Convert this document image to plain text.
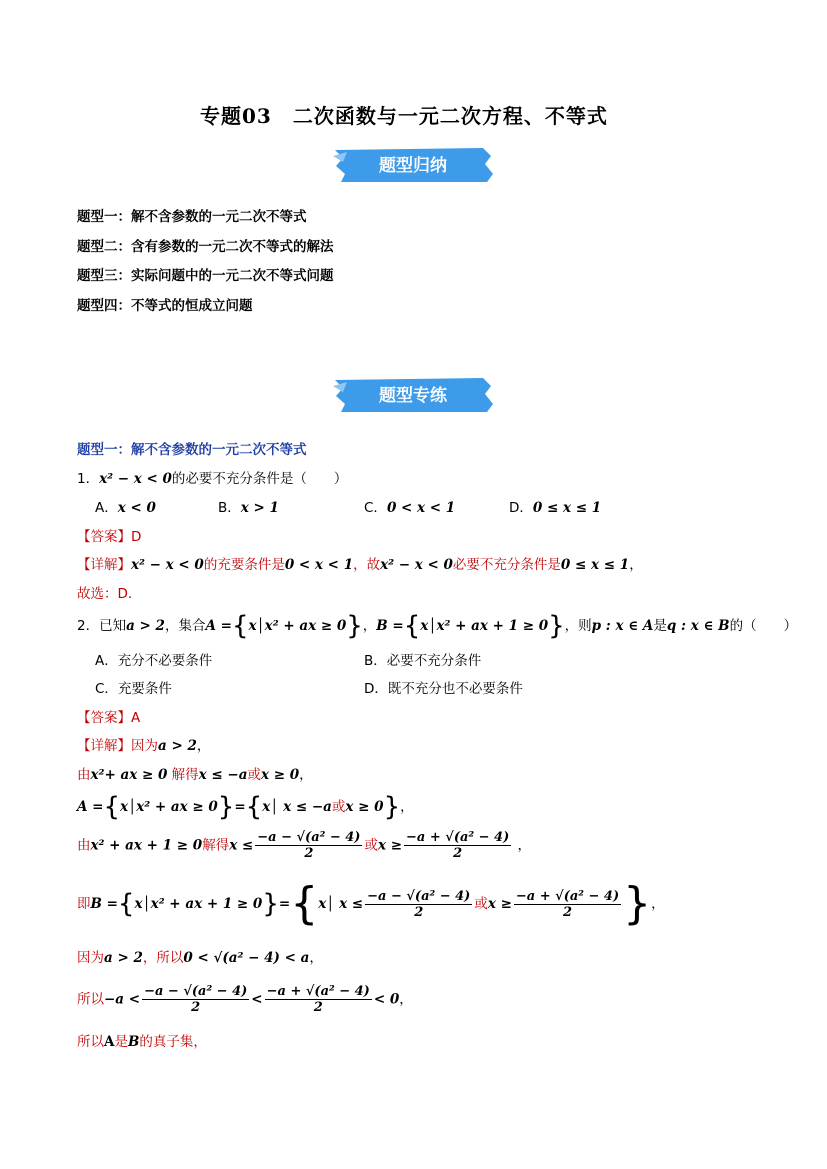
专题03　二次函数与一元二次方程、不等式
题型归纳
题型一：解不含参数的一元二次不等式
题型二：含有参数的一元二次不等式的解法
题型三：实际问题中的一元二次不等式问题
题型四：不等式的恒成立问题
题型专练
题型一：解不含参数的一元二次不等式
1．x² − x < 0的必要不充分条件是（　　）
A．x < 0	B．x > 1	C．0 < x < 1	D．0 ≤ x ≤ 1
【答案】D
【详解】x² − x < 0的充要条件是0 < x < 1，故x² − x < 0必要不充分条件是0 ≤ x ≤ 1，
故选：D．
2．已知a > 2，集合A ={x│x² + ax ≥ 0}，B ={x│x² + ax + 1 ≥ 0}，则p : x ∈ A是q : x ∈ B的（　　）
A．充分不必要条件	B．必要不充分条件
C．充要条件	D．既不充分也不必要条件
【答案】A
【详解】因为a > 2，
由x²+ ax ≥ 0 解得x ≤ −a或x ≥ 0，
A ={x│x² + ax ≥ 0}={x│ x ≤ −a或x ≥ 0}，
由x² + ax + 1 ≥ 0解得$x \le \frac{\text{−a − √(a² − 4)}}{2}$ 或$x \ge \frac{\text{−a + √(a² − 4)}}{2}$ ，
即B ={x│x² + ax + 1 ≥ 0}={x│ $x \le \frac{\text{−a − √(a² − 4)}}{2}$ 或$x \ge \frac{\text{−a + √(a² − 4)}}{2}$ }，
因为a > 2，所以0 < √(a² − 4) < a，
所以$-a < \frac{\text{−a − √(a² − 4)}}{2} < \frac{\text{−a + √(a² − 4)}}{2} < 0$，
所以A是B的真子集，
